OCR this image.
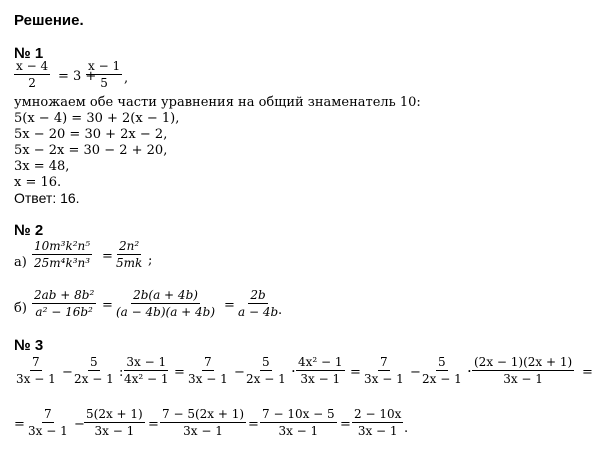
Решение.
№ 1
$\frac{x - 4}{2} = 3$ +
$\frac{x - 1}{5}$ ,
умножаем обе части уравнения на общий знаменатель 10:
5(x − 4) = 30 + 2(x − 1),
5x − 20 = 30 + 2x − 2,
5x − 2x = 30 − 2 + 20,
3x = 48,
x = 16.
Ответ: 16.
№ 2
$а) \frac{\text{10m³k²n⁵}}{\text{25m⁴k³n³}} = \frac{\text{2n²}}{5mk}$ ;
$б) \frac{\text{2ab + 8b²}}{\text{a² − 16b²}} = \frac{2b(a + 4b)}{(a - 4b)(a + 4b)} = \frac{2b}{a - 4b}$
.
№ 3
$\frac{7}{3x - 1} - \frac{5}{2x - 1}$ :
$\frac{3x - 1}{\text{4x² − 1}} = \frac{7}{3x - 1} - \frac{5}{2x - 1} \cdot \frac{\text{4x² − 1}}{3x - 1} = \frac{7}{3x - 1} - \frac{5}{2x - 1} \cdot \frac{(2x - 1)(2x + 1)}{3x - 1}$ =
= $\frac{7}{3x - 1} - \frac{5(2x + 1)}{3x - 1} = \frac{7 - 5(2x + 1)}{3x - 1} = \frac{7 - 10x - 5}{3x - 1} = \frac{2 - 10x}{3x - 1}$ .
